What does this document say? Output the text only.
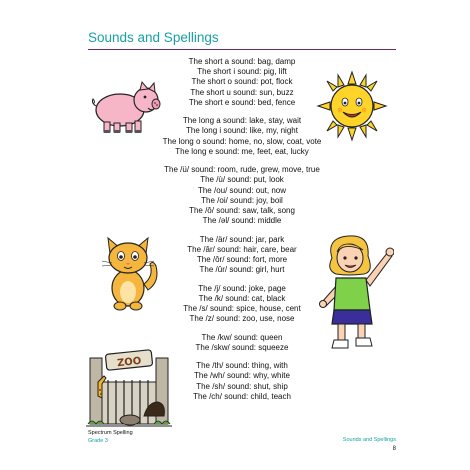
Sounds and Spellings
The short a sound: bag, damp
The short i sound: pig, lift
The short o sound: pot, flock
The short u sound: sun, buzz
The short e sound: bed, fence
The long a sound: lake, stay, wait
The long i sound: like, my, night
The long o sound: home, no, slow, coat, vote
The long e sound: me, feet, eat, lucky
The /ü/ sound: room, rude, grew, move, true
The /ù/ sound: put, look
The /ou/ sound: out, now
The /oi/ sound: joy, boil
The /ô/ sound: saw, talk, song
The /əl/ sound: middle
The /är/ sound: jar, park
The /âr/ sound: hair, care, bear
The /ôr/ sound: fort, more
The /ûr/ sound: girl, hurt
The /j/ sound: joke, page
The /k/ sound: cat, black
The /s/ sound: spice, house, cent
The /z/ sound: zoo, use, nose
The /kw/ sound: queen
The /skw/ sound: squeeze
The /th/ sound: thing, with
The /wh/ sound: why, white
The /sh/ sound: shut, ship
The /ch/ sound: child, teach
ZOO
Spectrum Spelling
Grade 3	Sounds and Spellings
8
